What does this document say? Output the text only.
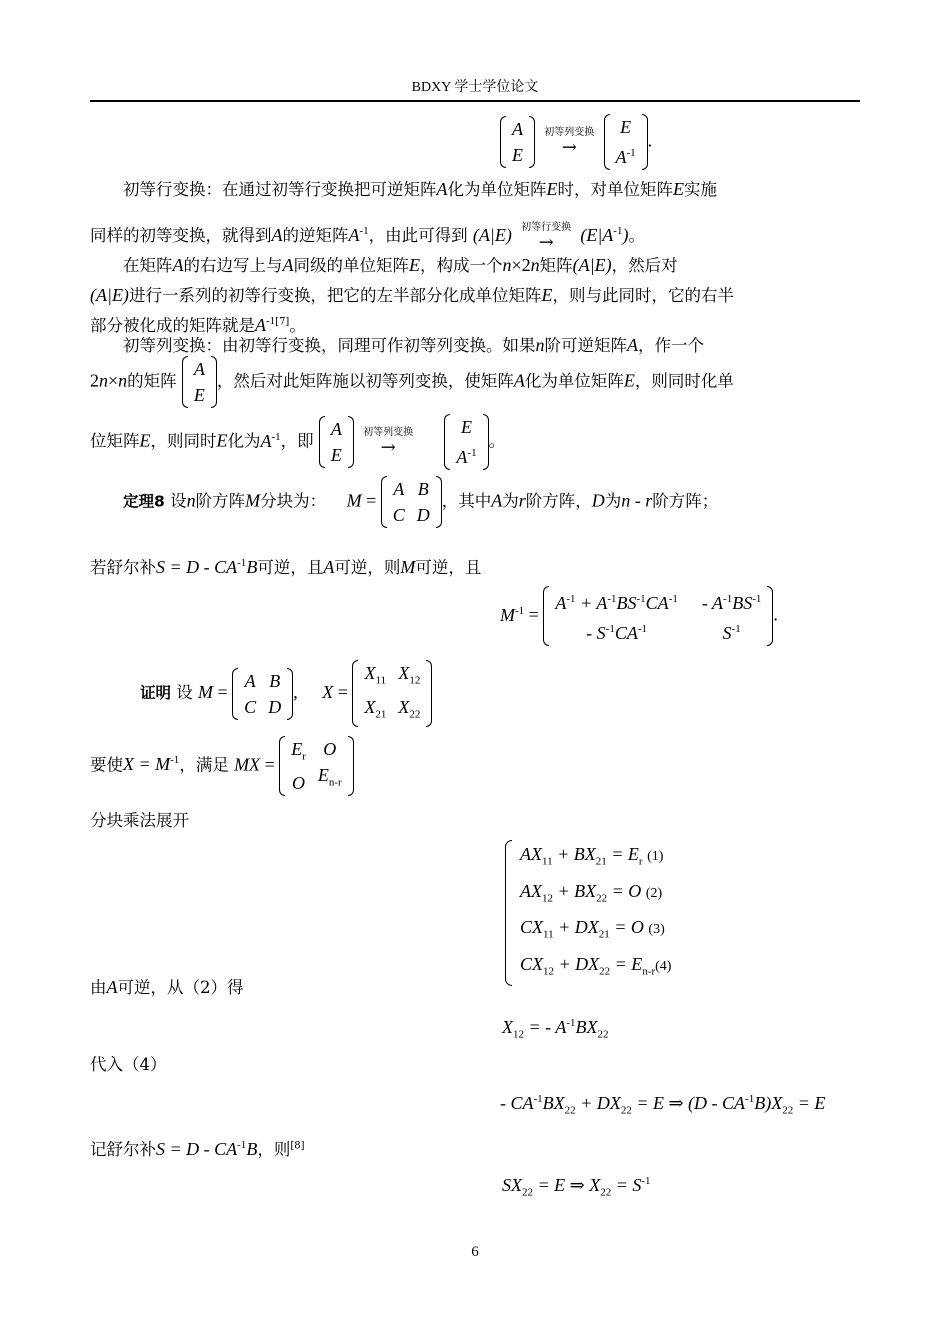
BDXY 学士学位论文
A
E

初等列变换
→

E
$A^{-1}$
.
初等行变换：在通过初等行变换把可逆矩阵A化为单位矩阵E时，对单位矩阵E实施
同样的初等变换，就得到A的逆矩阵$A^{-1}$，由此可得到 (A|E) 初等行变换
→ $(E|A^{-1})$。
在矩阵A的右边写上与A同级的单位矩阵E，构成一个n×2n矩阵(A|E)，然后对
(A|E)进行一系列的初等行变换，把它的左半部分化成单位矩阵E，则与此同时，它的右半
部分被化成的矩阵就是A$^{-1[7]}$。
初等列变换：由初等行变换，同理可作初等列变换。如果n阶可逆矩阵A，作一个
2n×n的矩阵
A
E
，然后对此矩阵施以初等列变换，使矩阵A化为单位矩阵E，则同时化单
位矩阵E，则同时E化为$A^{-1}$，即
A
E

初等列变换
→

E
$A^{-1}$
。
定理8 设n阶方阵M分块为： M =
A
C
B
D
，其中A为r阶方阵，D为n - r阶方阵；
若舒尔补$S = D - CA^{-1}B$可逆，且A可逆，则M可逆，且
$M^{-1}$ =
$A^{-1} + A^{-1}BS^{-1}CA^{-1}$
- $S^{-1}CA^{-1}$
- $A^{-1}BS^{-1}$
$S^{-1}$
.
证明 设 M =
A
C
B
D
, X =
$X_{11}$
$X_{21}$
$X_{12}$
$X_{22}$
要使$X = M^{-1}$，满足 MX =
$E_r$
O
O
$E_{n-r}$
分块乘法展开
$AX_{11} + BX_{21} = E_r$ (1)
$AX_{12} + BX_{22} = O$ (2)
$CX_{11} + DX_{21} = O$ (3)
$CX_{12} + DX_{22} = E_{n-r}(4)$
由A可逆，从（2）得
$X_{12}$ = - $A^{-1}BX_{22}$
代入（4）
- $CA^{-1}BX_{22} + DX_{22} = E$ ⇒ $(D - CA^{-1}B)X_{22} = E$
记舒尔补$S = D - CA^{-1}B$，则[8]
$SX_{22} = E$ ⇒ $X_{22} = S^{-1}$
6
